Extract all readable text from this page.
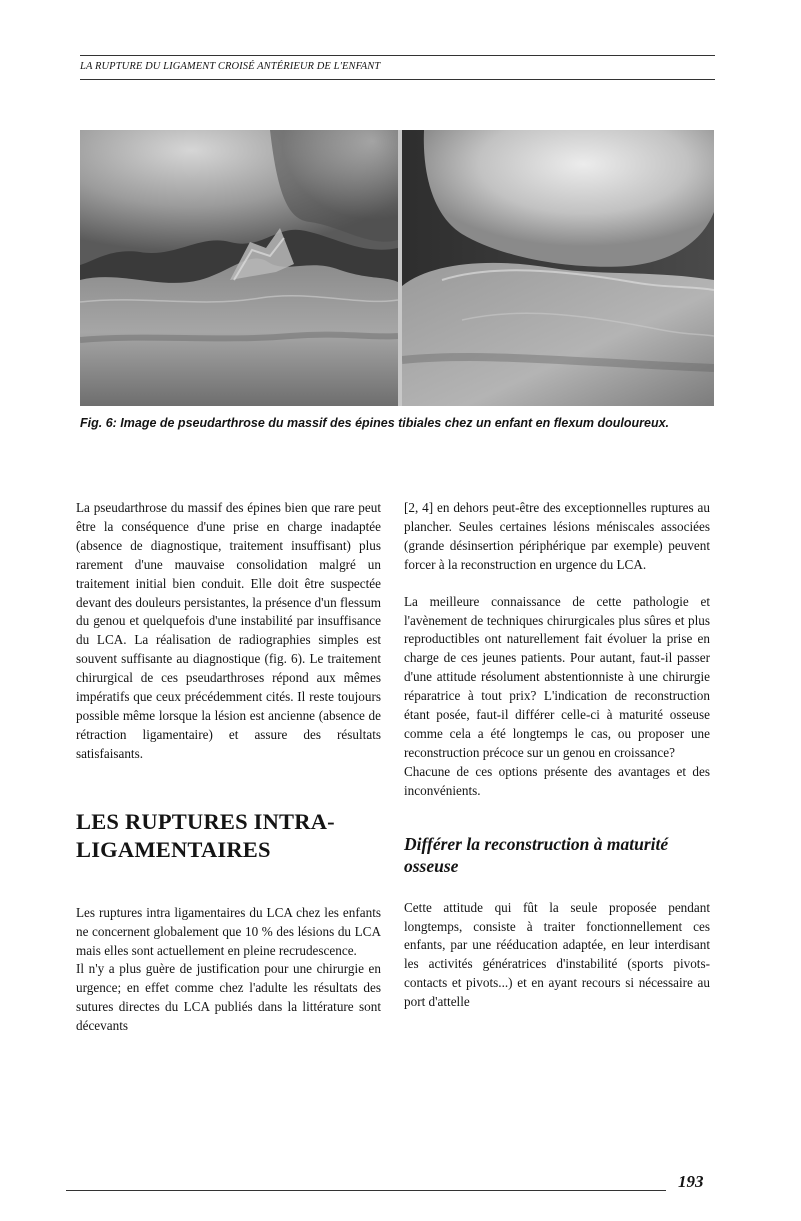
LA RUPTURE DU LIGAMENT CROISÉ ANTÉRIEUR DE L'ENFANT
Fig. 6: Image de pseudarthrose du massif des épines tibiales chez un enfant en flexum douloureux.

La pseudarthrose du massif des épines bien que rare peut être la conséquence d'une prise en charge inadaptée (absence de diagnostique, traitement insuffisant) plus rarement d'une mauvaise consolidation malgré un traitement initial bien conduit. Elle doit être suspectée devant des douleurs persistantes, la présence d'un flessum du genou et quelquefois d'une instabilité par insuffisance du LCA. La réalisation de radiographies simples est souvent suffisante au diagnostique (fig. 6). Le traitement chirurgical de ces pseudarthroses répond aux mêmes impératifs que ceux précédemment cités. Il reste toujours possible même lorsque la lésion est ancienne (absence de rétraction ligamentaire) et assure des résultats satisfaisants.

LES RUPTURES INTRA-LIGAMENTAIRES

Les ruptures intra ligamentaires du LCA chez les enfants ne concernent globalement que 10 % des lésions du LCA mais elles sont actuellement en pleine recrudescence.

Il n'y a plus guère de justification pour une chirurgie en urgence; en effet comme chez l'adulte les résultats des sutures directes du LCA publiés dans la littérature sont décevants

[2, 4] en dehors peut-être des exceptionnelles ruptures au plancher. Seules certaines lésions méniscales associées (grande désinsertion périphérique par exemple) peuvent forcer à la reconstruction en urgence du LCA.

La meilleure connaissance de cette pathologie et l'avènement de techniques chirurgicales plus sûres et plus reproductibles ont naturellement fait évoluer la prise en charge de ces jeunes patients. Pour autant, faut-il passer d'une attitude résolument abstentionniste à une chirurgie réparatrice à tout prix? L'indication de reconstruction étant posée, faut-il différer celle-ci à maturité osseuse comme cela a été longtemps le cas, ou proposer une reconstruction précoce sur un genou en croissance?

Chacune de ces options présente des avantages et des inconvénients.

Différer la reconstruction à maturité osseuse

Cette attitude qui fût la seule proposée pendant longtemps, consiste à traiter fonctionnellement ces enfants, par une rééducation adaptée, en leur interdisant les activités génératrices d'instabilité (sports pivots-contacts et pivots...) et en ayant recours si nécessaire au port d'attelle

193
